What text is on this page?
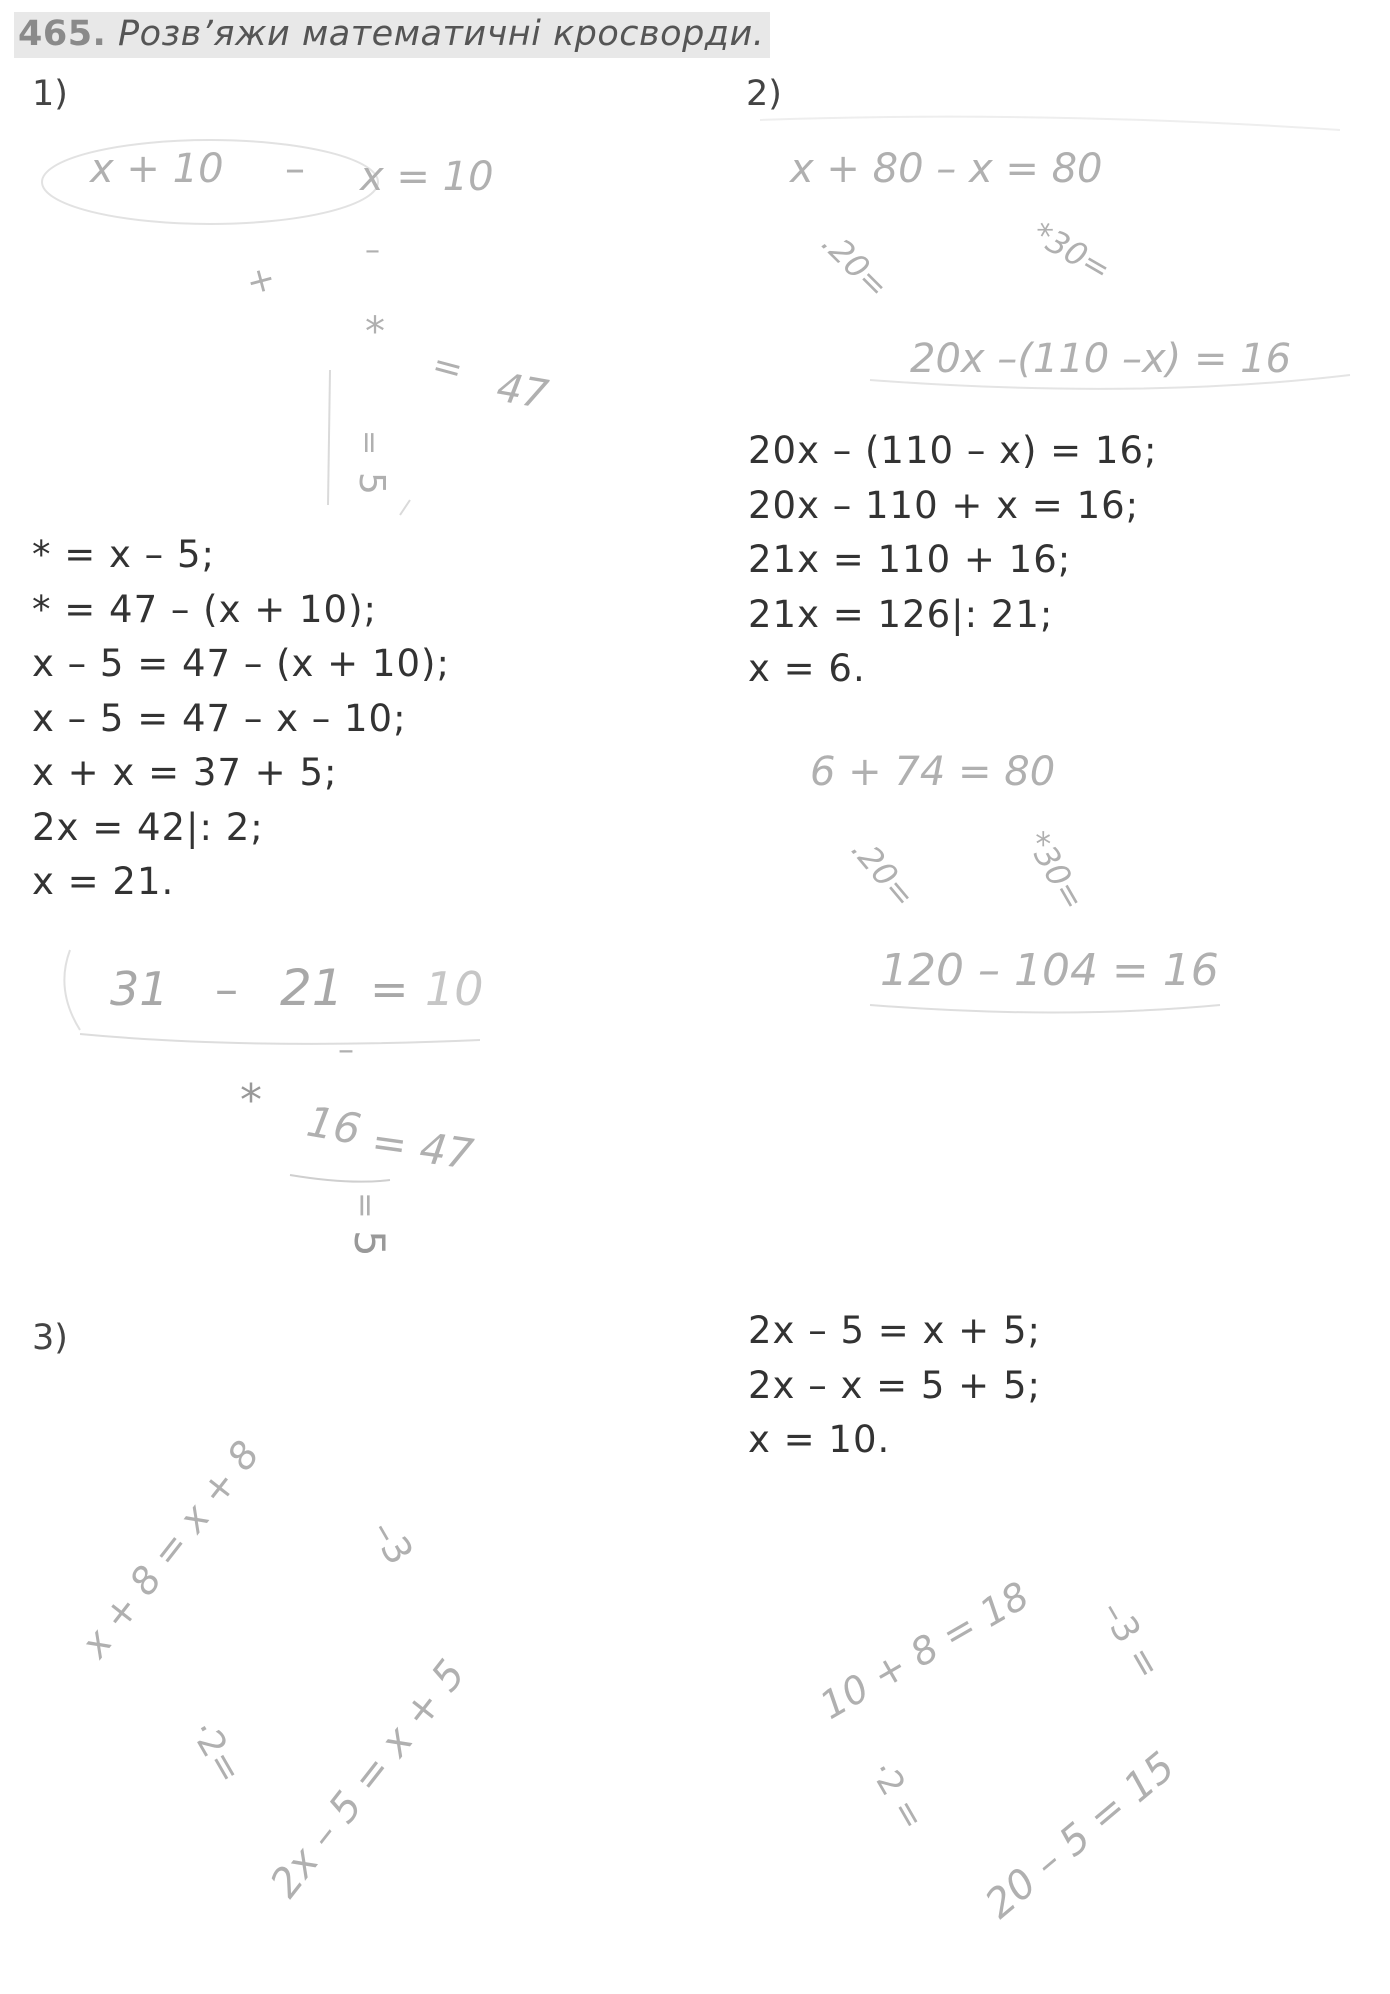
465. Розв’яжи математичні кросворди.
1)
x + 10 – x = 10
–
+
*
= 47
=
5
* = x – 5;
* = 47 – (x + 10);
x – 5 = 47 – (x + 10);
x – 5 = 47 – x – 10;
x + x = 37 + 5;
2x = 42|: 2;
x = 21.
31 – 21 = 10
–
* 16 = 47
=
5
2)
x + 80 – x = 80
.20=	*30=
20x –(110 –x) = 16
20x – (110 – x) = 16;
20x – 110 + x = 16;
21x = 110 + 16;
21x = 126|: 21;
x = 6.
6 + 74 = 80
.20=	*30=
120 – 104 = 16
3)
x + 8 = x + 8 –3
·2= 2x – 5 = x + 5
2x – 5 = x + 5;
2x – x = 5 + 5;
x = 10.
10 + 8 = 18 –3 =
·2 = 20 – 5 = 15
